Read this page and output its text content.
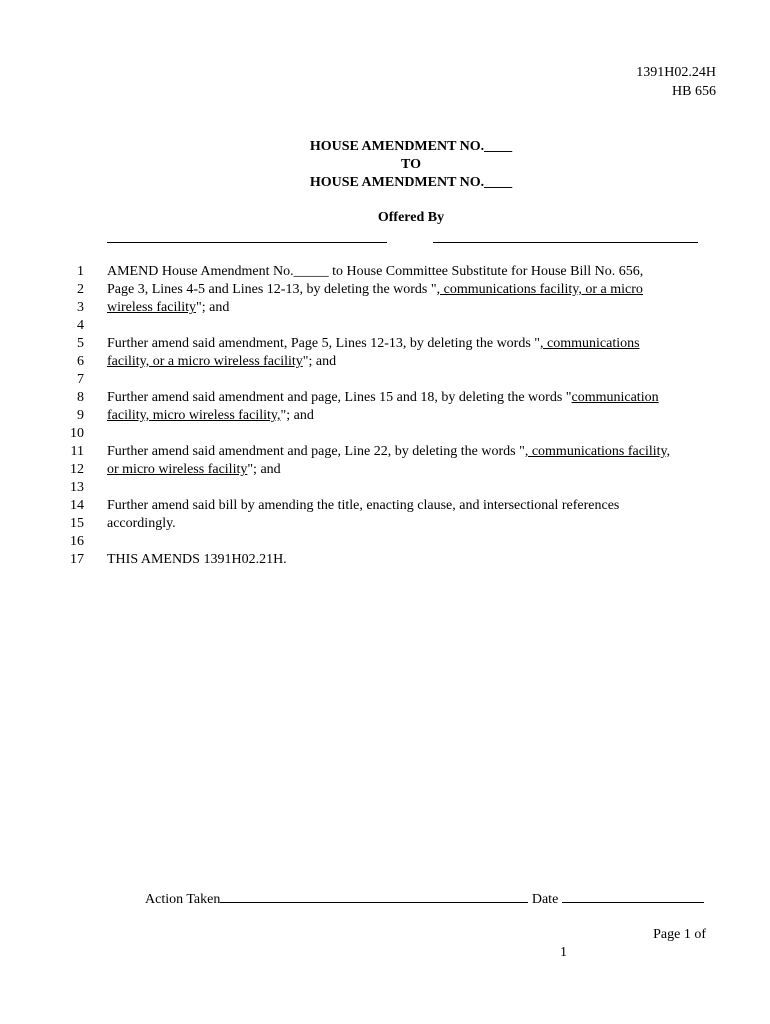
1391H02.24H
HB 656
HOUSE AMENDMENT NO.____
TO
HOUSE AMENDMENT NO.____
Offered By
1 AMEND House Amendment No._____ to House Committee Substitute for House Bill No. 656,
2 Page 3, Lines 4-5 and Lines 12-13, by deleting the words ", communications facility, or a micro
3 wireless facility"; and
4
5 Further amend said amendment, Page 5, Lines 12-13, by deleting the words ", communications
6 facility, or a micro wireless facility"; and
7
8 Further amend said amendment and page, Lines 15 and 18, by deleting the words "communication
9 facility, micro wireless facility,"; and
10
11 Further amend said amendment and page, Line 22, by deleting the words ", communications facility,
12 or micro wireless facility"; and
13
14 Further amend said bill by amending the title, enacting clause, and intersectional references
15 accordingly.
16
17 THIS AMENDS 1391H02.21H.
Action Taken	Date
Page 1 of
1
